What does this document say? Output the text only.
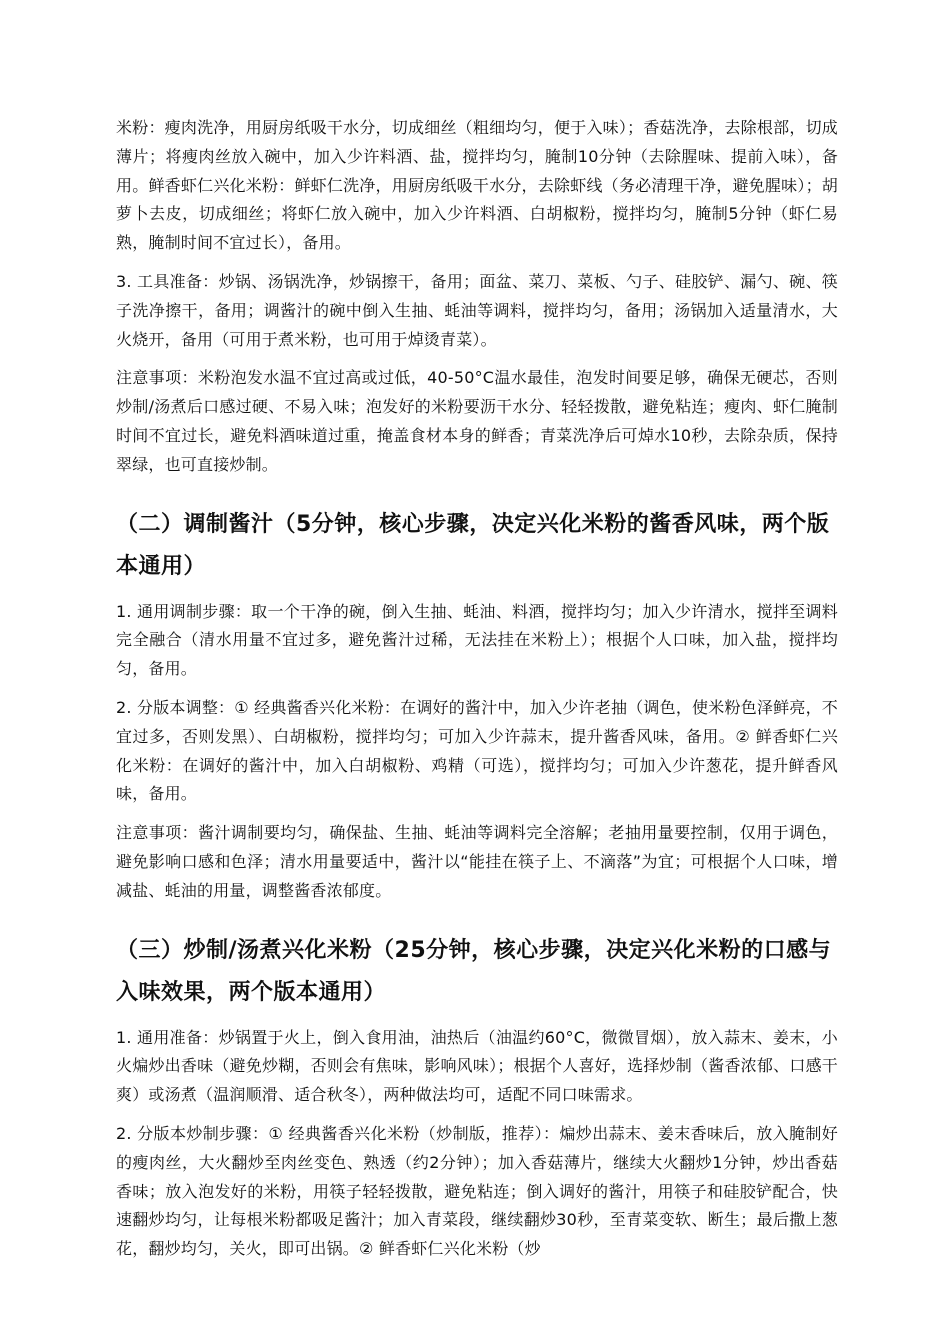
米粉：瘦肉洗净，用厨房纸吸干水分，切成细丝（粗细均匀，便于入味）；香菇洗净，去除根部，切成薄片；将瘦肉丝放入碗中，加入少许料酒、盐，搅拌均匀，腌制10分钟（去除腥味、提前入味），备用。鲜香虾仁兴化米粉：鲜虾仁洗净，用厨房纸吸干水分，去除虾线（务必清理干净，避免腥味）；胡萝卜去皮，切成细丝；将虾仁放入碗中，加入少许料酒、白胡椒粉，搅拌均匀，腌制5分钟（虾仁易熟，腌制时间不宜过长），备用。

3. 工具准备：炒锅、汤锅洗净，炒锅擦干，备用；面盆、菜刀、菜板、勺子、硅胶铲、漏勺、碗、筷子洗净擦干，备用；调酱汁的碗中倒入生抽、蚝油等调料，搅拌均匀，备用；汤锅加入适量清水，大火烧开，备用（可用于煮米粉，也可用于焯烫青菜）。

注意事项：米粉泡发水温不宜过高或过低，40-50°C温水最佳，泡发时间要足够，确保无硬芯，否则炒制/汤煮后口感过硬、不易入味；泡发好的米粉要沥干水分、轻轻拨散，避免粘连；瘦肉、虾仁腌制时间不宜过长，避免料酒味道过重，掩盖食材本身的鲜香；青菜洗净后可焯水10秒，去除杂质，保持翠绿，也可直接炒制。

（二）调制酱汁（5分钟，核心步骤，决定兴化米粉的酱香风味，两个版本通用）

1. 通用调制步骤：取一个干净的碗，倒入生抽、蚝油、料酒，搅拌均匀；加入少许清水，搅拌至调料完全融合（清水用量不宜过多，避免酱汁过稀，无法挂在米粉上）；根据个人口味，加入盐，搅拌均匀，备用。

2. 分版本调整：① 经典酱香兴化米粉：在调好的酱汁中，加入少许老抽（调色，使米粉色泽鲜亮，不宜过多，否则发黑）、白胡椒粉，搅拌均匀；可加入少许蒜末，提升酱香风味，备用。② 鲜香虾仁兴化米粉：在调好的酱汁中，加入白胡椒粉、鸡精（可选），搅拌均匀；可加入少许葱花，提升鲜香风味，备用。

注意事项：酱汁调制要均匀，确保盐、生抽、蚝油等调料完全溶解；老抽用量要控制，仅用于调色，避免影响口感和色泽；清水用量要适中，酱汁以“能挂在筷子上、不滴落”为宜；可根据个人口味，增减盐、蚝油的用量，调整酱香浓郁度。

（三）炒制/汤煮兴化米粉（25分钟，核心步骤，决定兴化米粉的口感与入味效果，两个版本通用）

1. 通用准备：炒锅置于火上，倒入食用油，油热后（油温约60°C，微微冒烟），放入蒜末、姜末，小火煸炒出香味（避免炒糊，否则会有焦味，影响风味）；根据个人喜好，选择炒制（酱香浓郁、口感干爽）或汤煮（温润顺滑、适合秋冬），两种做法均可，适配不同口味需求。

2. 分版本炒制步骤：① 经典酱香兴化米粉（炒制版，推荐）：煸炒出蒜末、姜末香味后，放入腌制好的瘦肉丝，大火翻炒至肉丝变色、熟透（约2分钟）；加入香菇薄片，继续大火翻炒1分钟，炒出香菇香味；放入泡发好的米粉，用筷子轻轻拨散，避免粘连；倒入调好的酱汁，用筷子和硅胶铲配合，快速翻炒均匀，让每根米粉都吸足酱汁；加入青菜段，继续翻炒30秒，至青菜变软、断生；最后撒上葱花，翻炒均匀，关火，即可出锅。② 鲜香虾仁兴化米粉（炒
